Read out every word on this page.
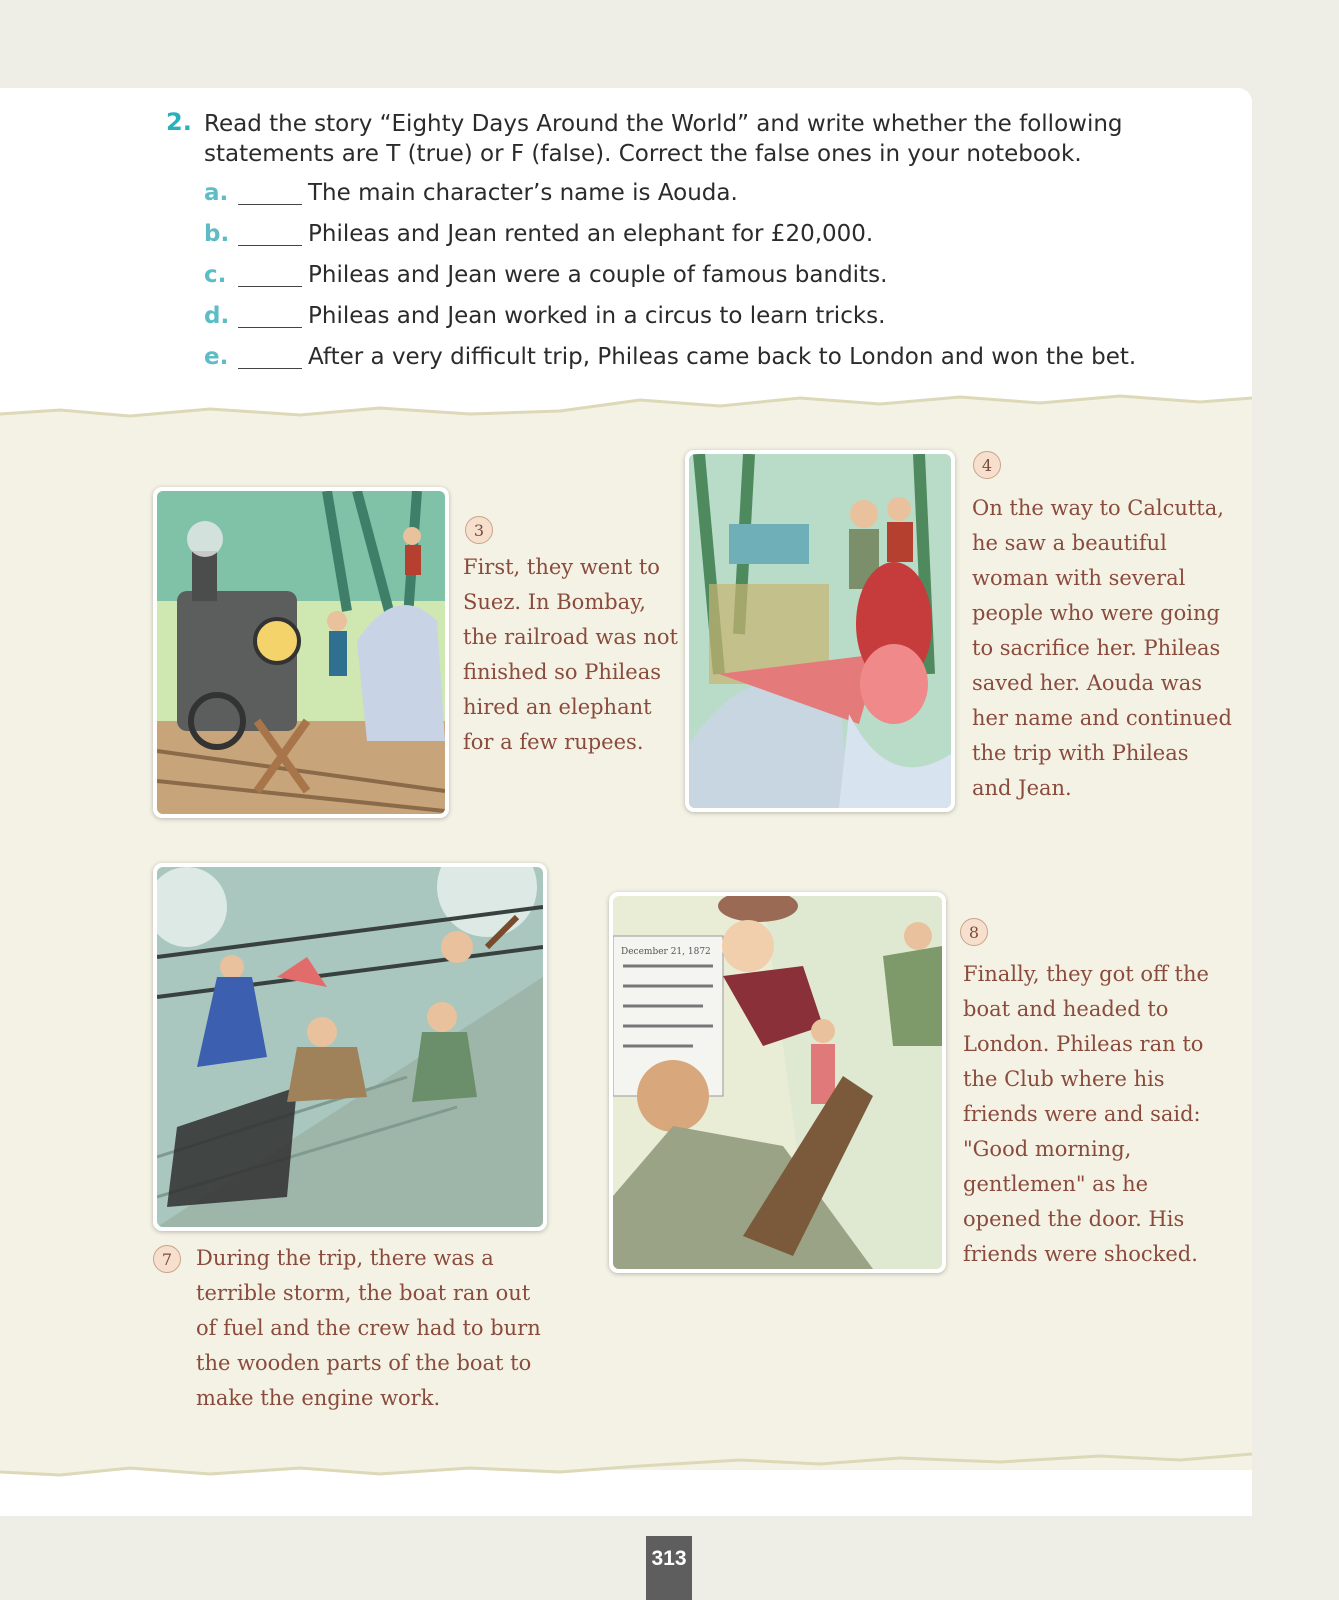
2. Read the story “Eighty Days Around the World” and write whether the following statements are T (true) or F (false). Correct the false ones in your notebook.
a.	The main character’s name is Aouda.
b.	Phileas and Jean rented an elephant for £20,000.
c.	Phileas and Jean were a couple of famous bandits.
d.	Phileas and Jean worked in a circus to learn tricks.
e.	After a very difficult trip, Phileas came back to London and won the bet.
3
First, they went to Suez. In Bombay, the railroad was not finished so Phileas hired an elephant for a few rupees.
4
On the way to Calcutta, he saw a beautiful woman with several people who were going to sacrifice her. Phileas saved her. Aouda was her name and continued the trip with Phileas and Jean.
7	During the trip, there was a terrible storm, the boat ran out of fuel and the crew had to burn the wooden parts of the boat to make the engine work.
December 21, 1872
8
Finally, they got off the boat and headed to London. Phileas ran to the Club where his friends were and said: "Good morning, gentlemen" as he opened the door. His friends were shocked.
313
